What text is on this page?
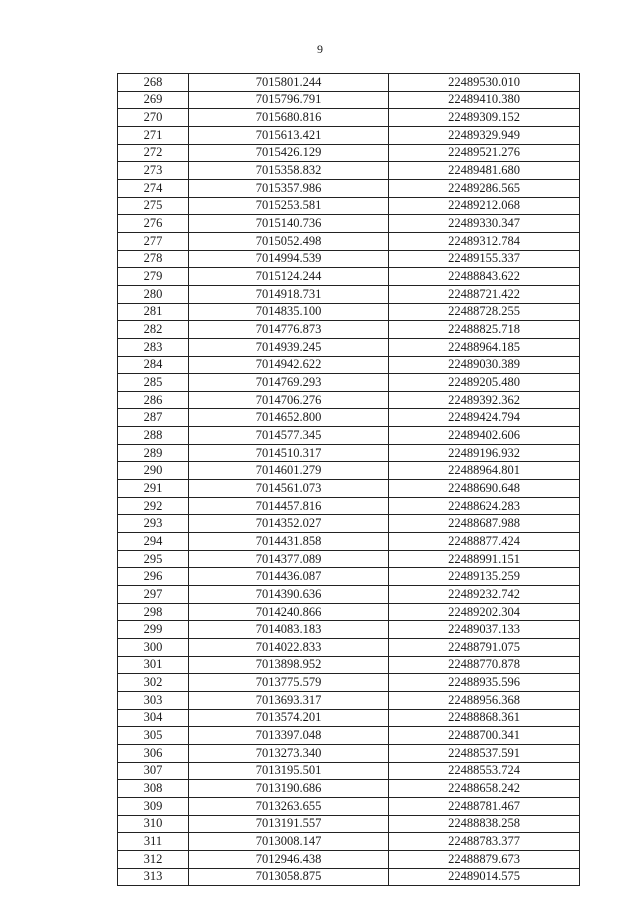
9
268	7015801.244	22489530.010
269	7015796.791	22489410.380
270	7015680.816	22489309.152
271	7015613.421	22489329.949
272	7015426.129	22489521.276
273	7015358.832	22489481.680
274	7015357.986	22489286.565
275	7015253.581	22489212.068
276	7015140.736	22489330.347
277	7015052.498	22489312.784
278	7014994.539	22489155.337
279	7015124.244	22488843.622
280	7014918.731	22488721.422
281	7014835.100	22488728.255
282	7014776.873	22488825.718
283	7014939.245	22488964.185
284	7014942.622	22489030.389
285	7014769.293	22489205.480
286	7014706.276	22489392.362
287	7014652.800	22489424.794
288	7014577.345	22489402.606
289	7014510.317	22489196.932
290	7014601.279	22488964.801
291	7014561.073	22488690.648
292	7014457.816	22488624.283
293	7014352.027	22488687.988
294	7014431.858	22488877.424
295	7014377.089	22488991.151
296	7014436.087	22489135.259
297	7014390.636	22489232.742
298	7014240.866	22489202.304
299	7014083.183	22489037.133
300	7014022.833	22488791.075
301	7013898.952	22488770.878
302	7013775.579	22488935.596
303	7013693.317	22488956.368
304	7013574.201	22488868.361
305	7013397.048	22488700.341
306	7013273.340	22488537.591
307	7013195.501	22488553.724
308	7013190.686	22488658.242
309	7013263.655	22488781.467
310	7013191.557	22488838.258
311	7013008.147	22488783.377
312	7012946.438	22488879.673
313	7013058.875	22489014.575
